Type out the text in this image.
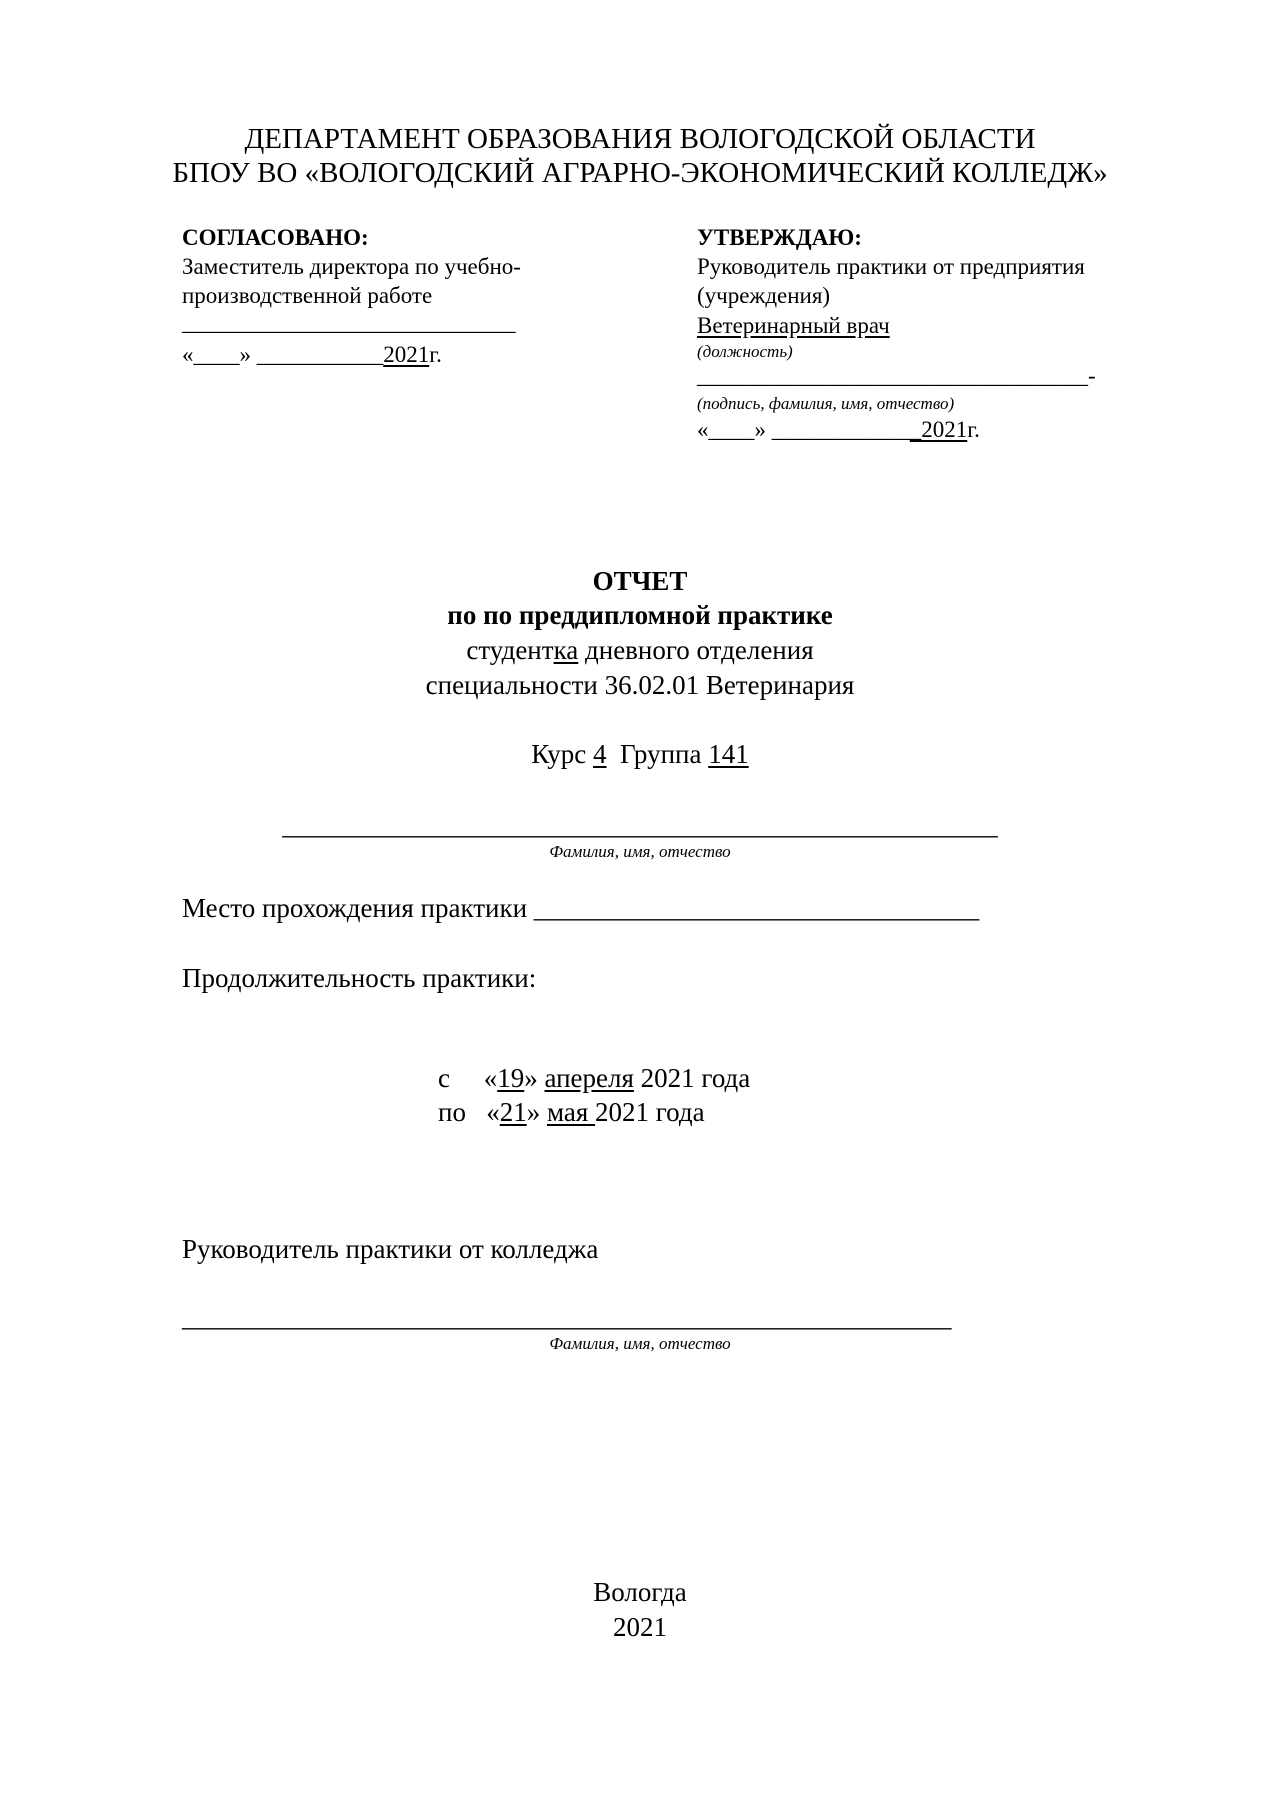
ДЕПАРТАМЕНТ ОБРАЗОВАНИЯ ВОЛОГОДСКОЙ ОБЛАСТИ
БПОУ ВО «ВОЛОГОДСКИЙ АГРАРНО-ЭКОНОМИЧЕСКИЙ КОЛЛЕДЖ»
СОГЛАСОВАНО:
Заместитель директора по учебно-
производственной работе
_____________________________
«____» ___________2021г.
УТВЕРЖДАЮ:
Руководитель практики от предприятия
(учреждения)
Ветеринарный врач
(должность)
__________________________________-
(подпись, фамилия, имя, отчество)
«____» _____________2021г.
ОТЧЕТ
по по преддипломной практике
студентка дневного отделения
специальности 36.02.01 Ветеринария
Курс 4  Группа 141
_____________________________________________________
Фамилия, имя, отчество
Место прохождения практики _________________________________
Продолжительность практики:

с     «19» апереля 2021 года

по   «21» мая 2021 года

Руководитель практики от колледжа
_________________________________________________________
Фамилия, имя, отчество
Вологда
2021
